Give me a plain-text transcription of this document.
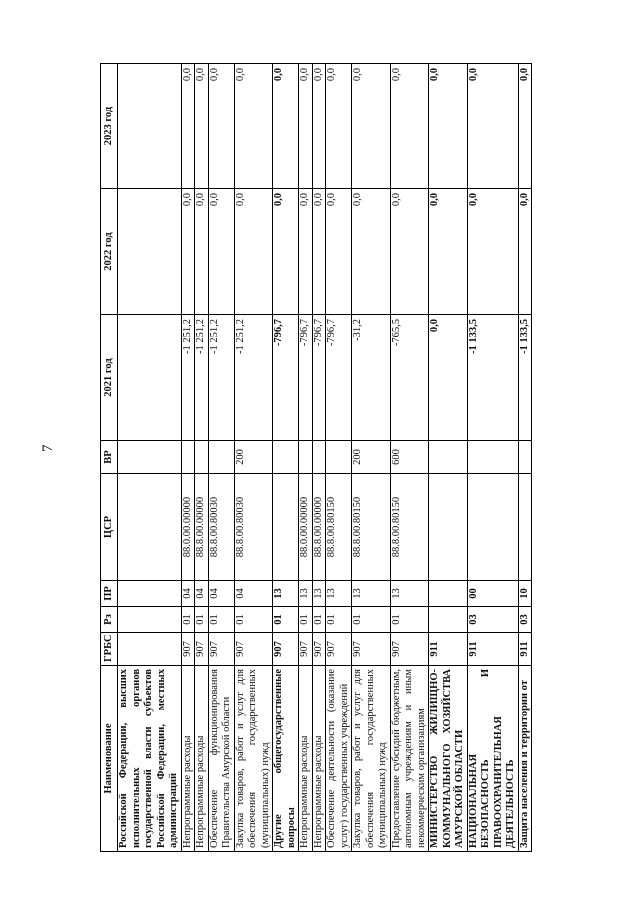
7
Наименование	ГРБС	Рз	ПР	ЦСР	ВР	2021 год	2022 год	2023 год
Российской Федерации, высших исполнительных органов государственной власти субъектов Российской Федерации, местных администраций								
Непрограммные расходы	907	01	04	88.0.00.00000		-1 251,2	0,0	0,0
Непрограммные расходы	907	01	04	88.8.00.00000		-1 251,2	0,0	0,0
Обеспечение функционирования Правительства Амурской области	907	01	04	88.8.00.80030		-1 251,2	0,0	0,0
Закупка товаров, работ и услуг для обеспечения государственных (муниципальных) нужд	907	01	04	88.8.00.80030	200	-1 251,2	0,0	0,0
Другие общегосударственные вопросы	907	01	13			-796,7	0,0	0,0
Непрограммные расходы	907	01	13	88.0.00.00000		-796,7	0,0	0,0
Непрограммные расходы	907	01	13	88.8.00.00000		-796,7	0,0	0,0
Обеспечение деятельности (оказание услуг) государственных учреждений	907	01	13	88.8.00.80150		-796,7	0,0	0,0
Закупка товаров, работ и услуг для обеспечения государственных (муниципальных) нужд	907	01	13	88.8.00.80150	200	-31,2	0,0	0,0
Предоставление субсидий бюджетным, автономным учреждениям и иным некоммерческим организациям	907	01	13	88.8.00.80150	600	-765,5	0,0	0,0
МИНИСТЕРСТВО ЖИЛИЩНО-КОММУНАЛЬНОГО ХОЗЯЙСТВА АМУРСКОЙ ОБЛАСТИ	911					0,0	0,0	0,0
НАЦИОНАЛЬНАЯ БЕЗОПАСНОСТЬ И ПРАВООХРАНИТЕЛЬНАЯ ДЕЯТЕЛЬНОСТЬ	911	03	00			-1 133,5	0,0	0,0
Защита населения и территории от	911	03	10			-1 133,5	0,0	0,0
